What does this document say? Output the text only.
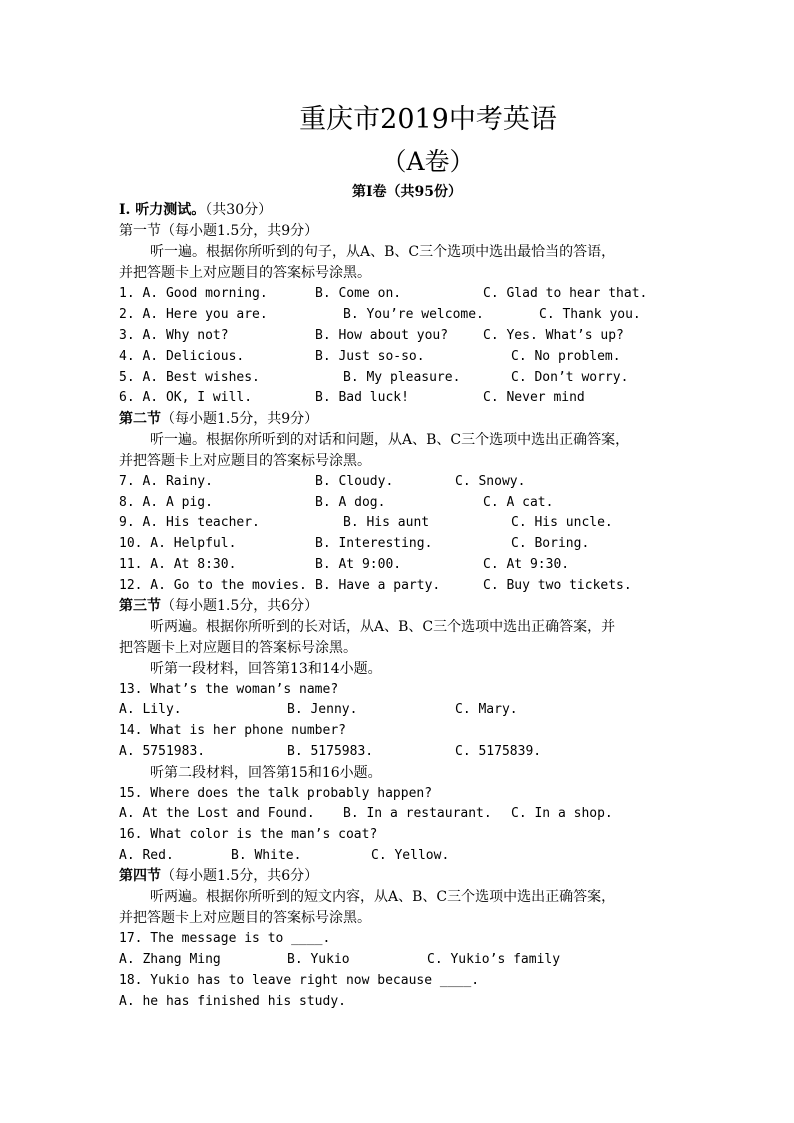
重庆市2019中考英语
（A卷）
第Ⅰ卷（共95份）
Ⅰ. 听力测试。（共30分）
第一节（每小题1.5分，共9分）
听一遍。根据你所听到的句子，从A、B、C三个选项中选出最恰当的答语，
并把答题卡上对应题目的答案标号涂黑。
1. A. Good morning.	B. Come on.	C. Glad to hear that.
2. A. Here you are.	B. You’re welcome.	C. Thank you.
3. A. Why not?	B. How about you?	C. Yes. What’s up?
4. A. Delicious.	B. Just so-so.	C. No problem.
5. A. Best wishes.	B. My pleasure.	C. Don’t worry.
6. A. OK, I will.	B. Bad luck!	C. Never mind
第二节（每小题1.5分，共9分）
听一遍。根据你所听到的对话和问题，从A、B、C三个选项中选出正确答案，
并把答题卡上对应题目的答案标号涂黑。
7. A. Rainy.	B. Cloudy.	C. Snowy.
8. A. A pig.	B. A dog.	C. A cat.
9. A. His teacher.	B. His aunt	C. His uncle.
10. A. Helpful.	B. Interesting.	C. Boring.
11. A. At 8:30.	B. At 9:00.	C. At 9:30.
12. A. Go to the movies. B. Have a party.	C. Buy two tickets.
第三节（每小题1.5分，共6分）
听两遍。根据你所听到的长对话，从A、B、C三个选项中选出正确答案，并
把答题卡上对应题目的答案标号涂黑。
听第一段材料，回答第13和14小题。
13. What’s the woman’s name?
A. Lily.	B. Jenny.	C. Mary.
14. What is her phone number?
A. 5751983.	B. 5175983.	C. 5175839.
听第二段材料，回答第15和16小题。
15. Where does the talk probably happen?
A. At the Lost and Found. B. In a restaurant. C. In a shop.
16. What color is the man’s coat?
A. Red.	B. White.	C. Yellow.
第四节（每小题1.5分，共6分）
听两遍。根据你所听到的短文内容，从A、B、C三个选项中选出正确答案，
并把答题卡上对应题目的答案标号涂黑。
17. The message is to ____.
A. Zhang Ming	B. Yukio	C. Yukio’s family
18. Yukio has to leave right now because ____.
A. he has finished his study.
